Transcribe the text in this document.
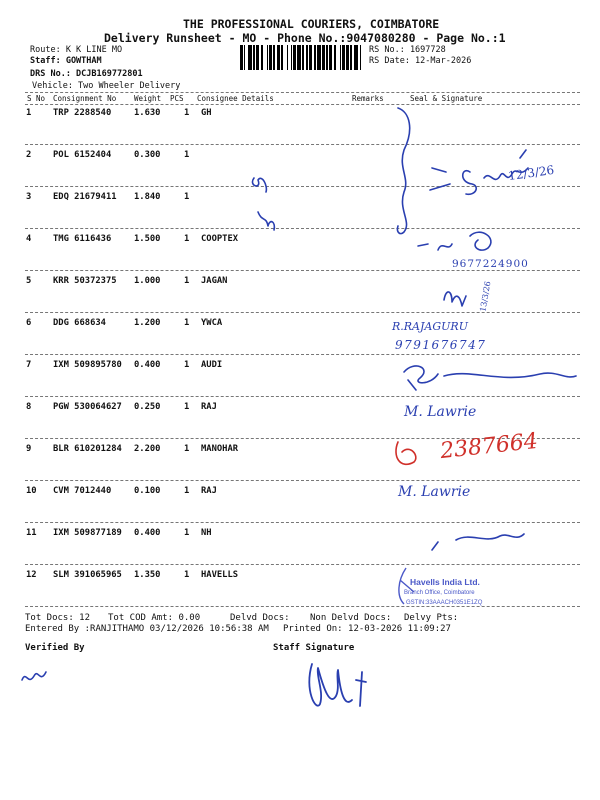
THE PROFESSIONAL COURIERS, COIMBATORE
Delivery Runsheet - MO - Phone No.:9047080280 - Page No.:1
Route: K K LINE MO
Staff: GOWTHAM
DRS No.: DCJB169772801
Vehicle: Two Wheeler Delivery
RS No.: 1697728
RS Date: 12-Mar-2026
S No Consignment No Weight PCS Consignee Details	Remarks	Seal & Signature
1 TRP 2288540	1.630	1 GH
2 POL 6152404	0.300	1
3 EDQ 21679411 1.840	1
4 TMG 6116436	1.500	1 COOPTEX
5 KRR 50372375 1.000	1 JAGAN
6 DDG 668634	1.200	1 YWCA
7 IXM 509895780 0.400	1 AUDI
8 PGW 530064627 0.250	1 RAJ
9 BLR 610201284 2.200	1 MANOHAR
10 CVM 7012440	0.100	1 RAJ
11 IXM 509877189 0.400	1 NH
12 SLM 391065965 1.350	1 HAVELLS
Tot Docs: 12 Tot COD Amt: 0.00	Delvd Docs: Non Delvd Docs: Delvy Pts:
Entered By :RANJITHAMO 03/12/2026 10:56:38 AM Printed On: 12-03-2026 11:09:27
Verified By	Staff Signature
12/3/26
9677224900
13/3/26
R.RAJAGURU
9791676747
M. Lawrie
2387664
M. Lawrie
Havells India Ltd.
Branch Office, Coimbatore
GSTIN:33AAACH0351E1ZQ
